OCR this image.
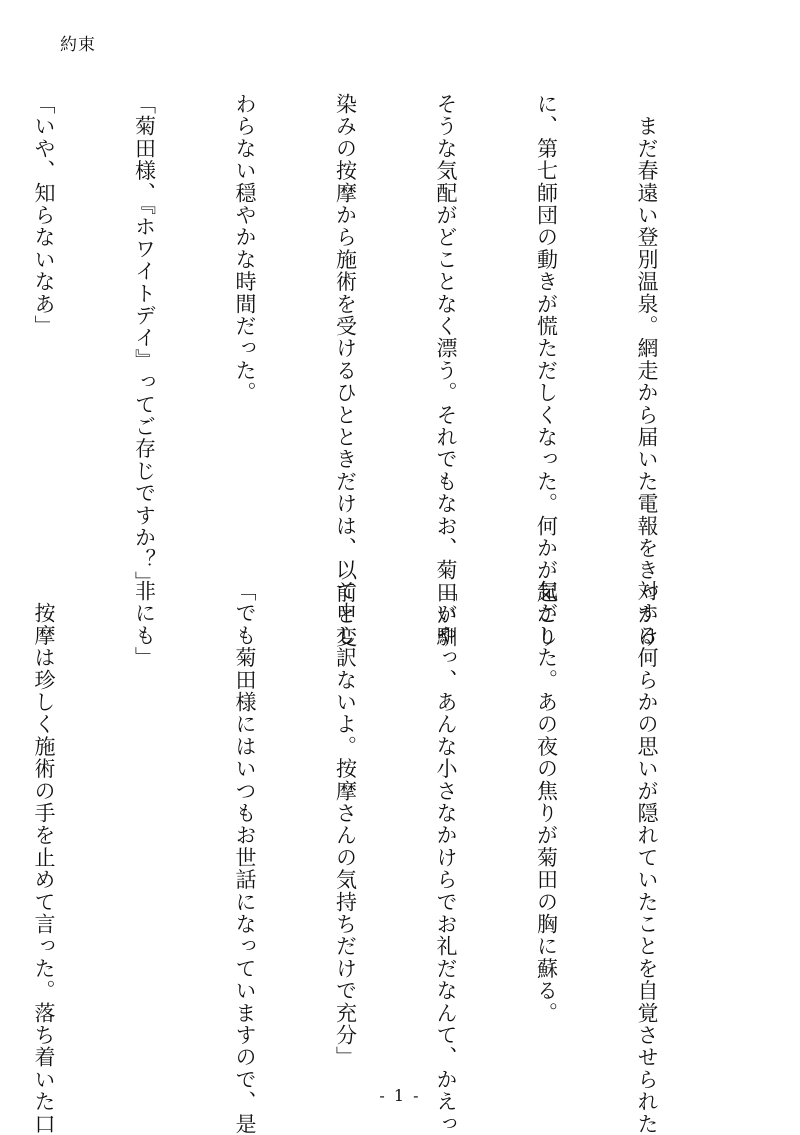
約束

　まだ春遠い登別温泉。網走から届いた電報をきっかけ

に、第七師団の動きが慌ただしくなった。何かが起こり

そうな気配がどことなく漂う。それでもなお、菊田が馴

染みの按摩から施術を受けるひとときだけは、以前と変

わらない穏やかな時間だった。

「菊田様、『ホワイトデイ』ってご存じですか？」

「いや、知らないなあ」

対する何らかの思いが隠れていたことを自覚させられた

気がした。あの夜の焦りが菊田の胸に蘇る。

「いやっ、あんな小さなかけらでお礼だなんて、かえっ

て申し訳ないよ。按摩さんの気持ちだけで充分」

「でも菊田様にはいつもお世話になっていますので、是

非にも」

　按摩は珍しく施術の手を止めて言った。落ち着いた口

	- 1 -
